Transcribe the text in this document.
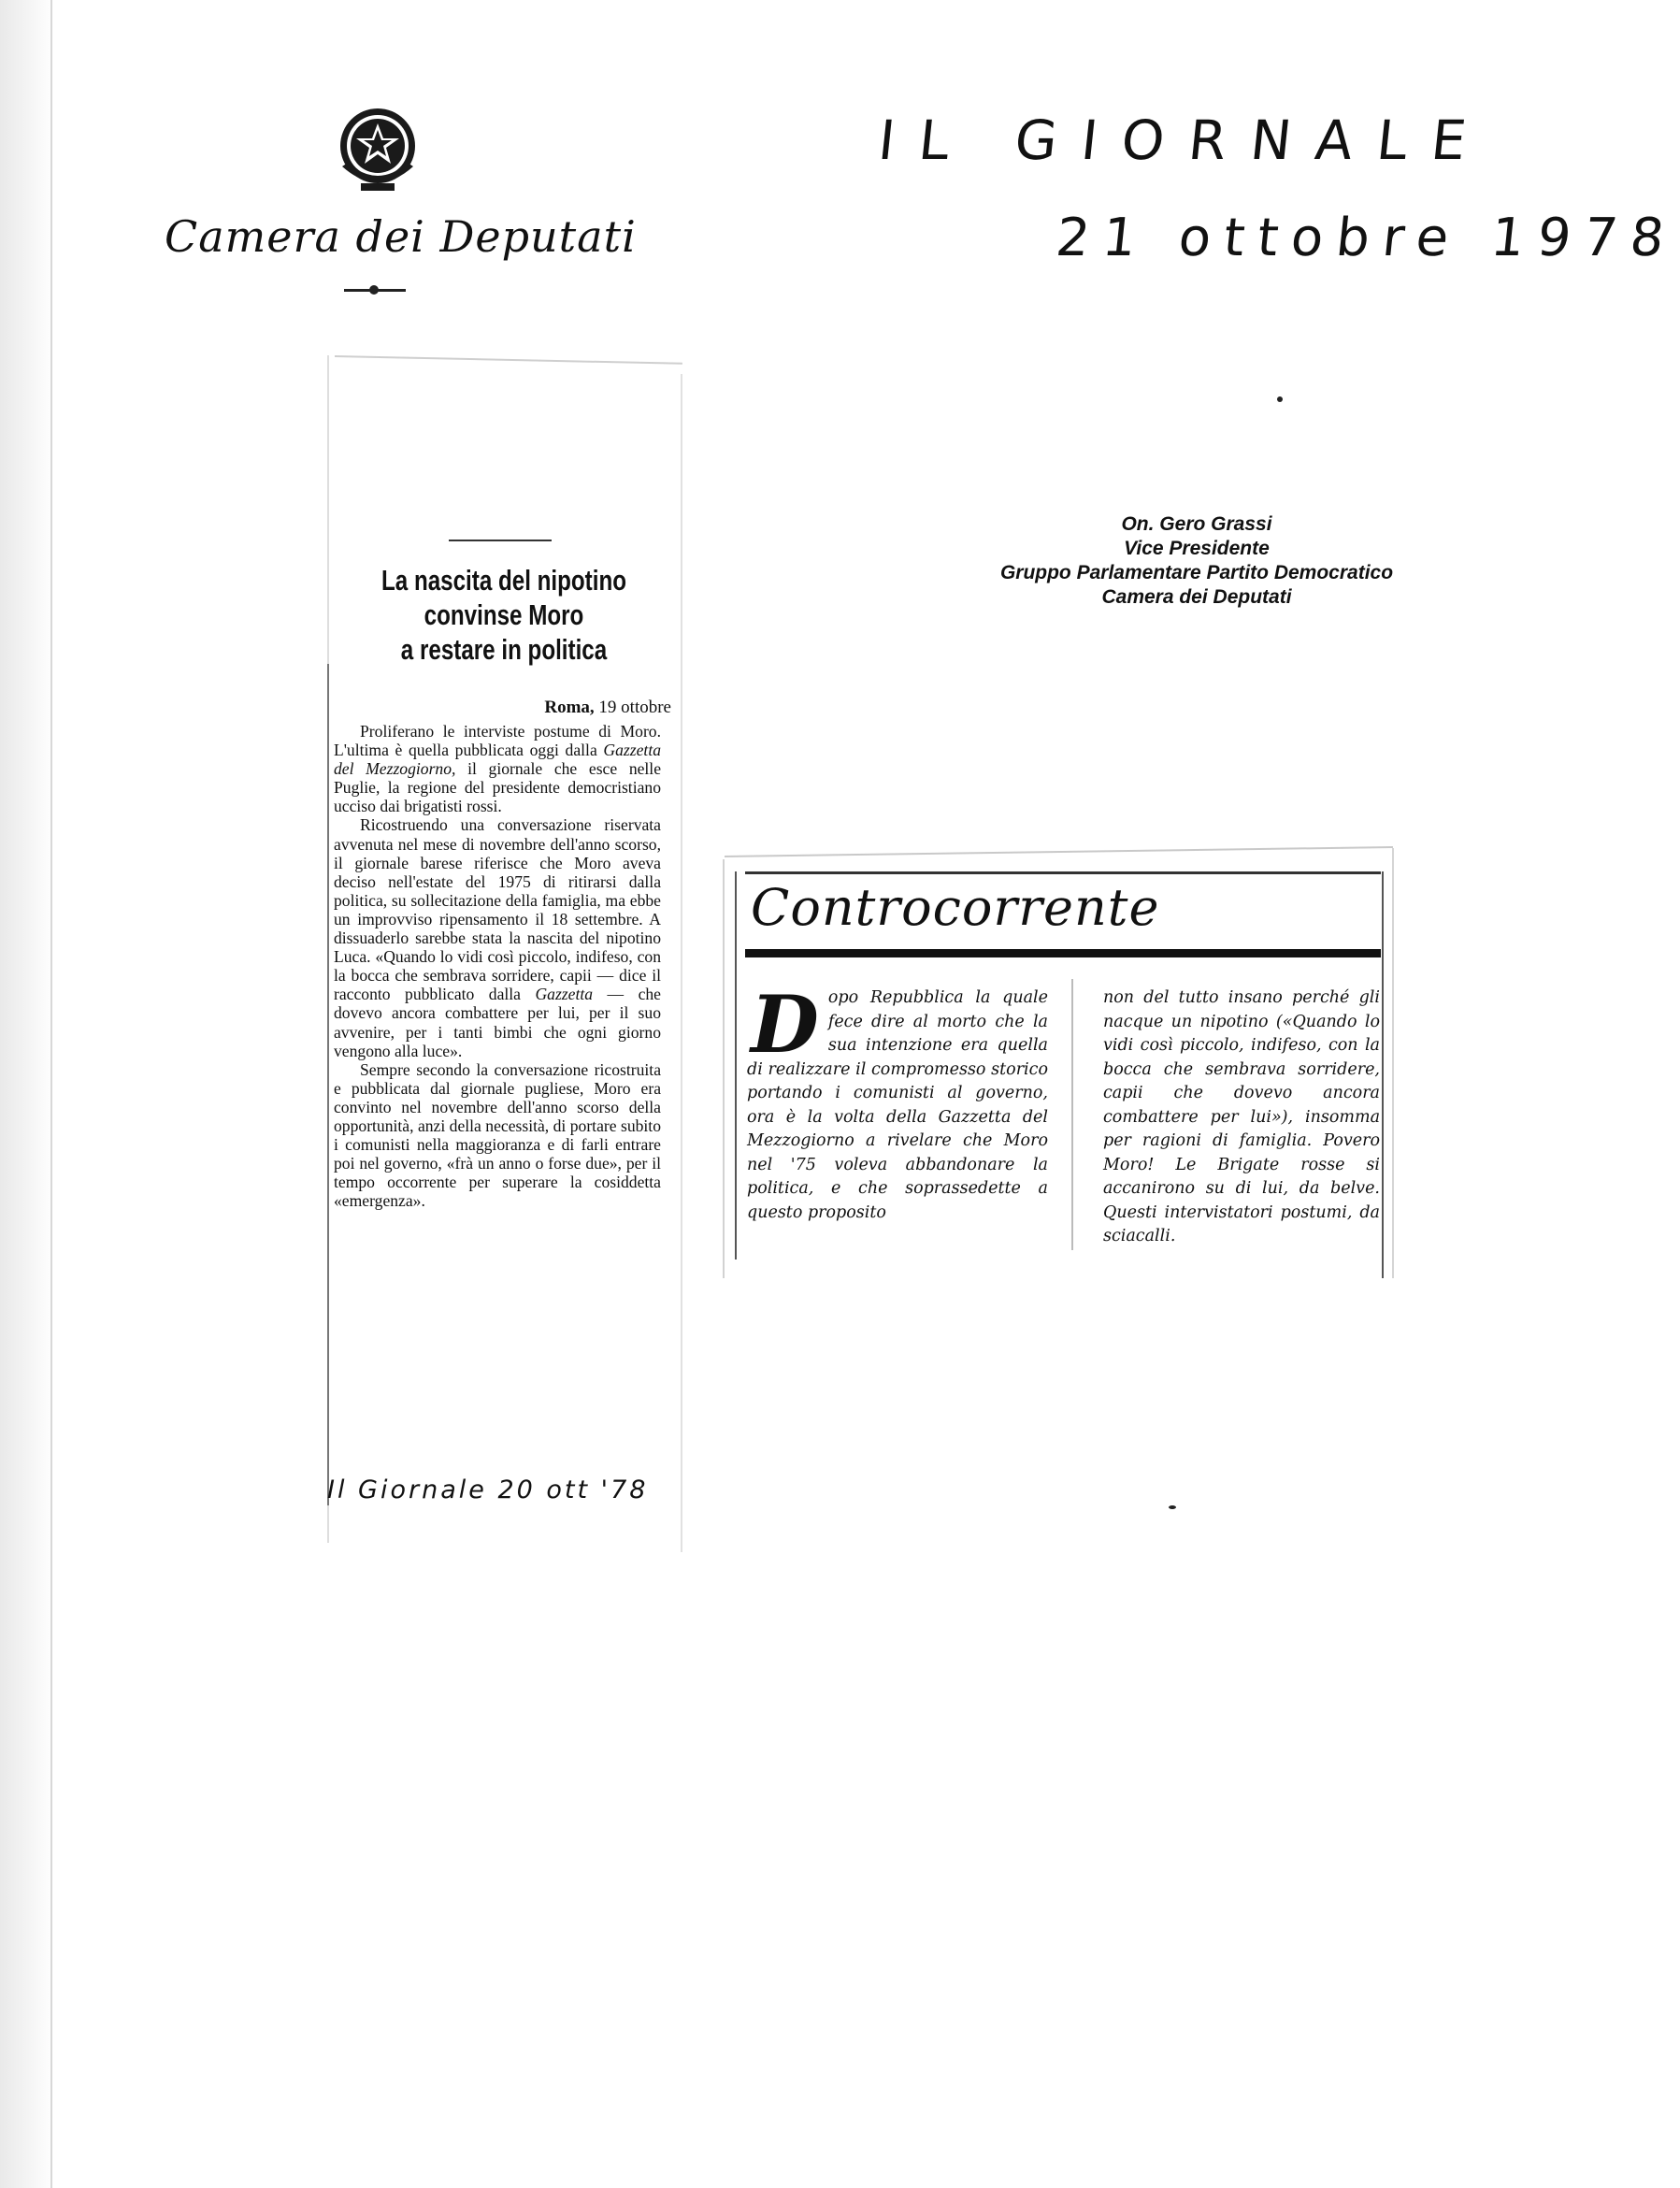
Camera dei Deputati
IL GIORNALE
21 ottobre 1978
On. Gero Grassi
Vice Presidente
Gruppo Parlamentare Partito Democratico
Camera dei Deputati
La nascita del nipotino
convinse Moro
a restare in politica
Roma, 19 ottobre

Proliferano le interviste postume di Moro. L'ultima è quella pubblicata oggi dalla Gazzetta del Mezzogiorno, il giornale che esce nelle Puglie, la regione del presidente democristiano ucciso dai brigatisti rossi.

Ricostruendo una conversazione riservata avvenuta nel mese di novembre dell'anno scorso, il giornale barese riferisce che Moro aveva deciso nell'estate del 1975 di ritirarsi dalla politica, su sollecitazione della famiglia, ma ebbe un improvviso ripensamento il 18 settembre. A dissuaderlo sarebbe stata la nascita del nipotino Luca. «Quando lo vidi così piccolo, indifeso, con la bocca che sembrava sorridere, capii — dice il racconto pubblicato dalla Gazzetta — che dovevo ancora combattere per lui, per il suo avvenire, per i tanti bimbi che ogni giorno vengono alla luce».

Sempre secondo la conversazione ricostruita e pubblicata dal giornale pugliese, Moro era convinto nel novembre dell'anno scorso della opportunità, anzi della necessità, di portare subito i comunisti nella maggioranza e di farli entrare poi nel governo, «frà un anno o forse due», per il tempo occorrente per superare la cosiddetta «emergenza».

Il Giornale 20 ott '78
Controcorrente

Dopo Repubblica la quale fece dire al morto che la sua intenzione era quella di realizzare il compromesso storico portando i comunisti al governo, ora è la volta della Gazzetta del Mezzogiorno a rivelare che Moro nel '75 voleva abbandonare la politica, e che soprassedette a questo proposito

non del tutto insano perché gli nacque un nipotino («Quando lo vidi così piccolo, indifeso, con la bocca che sembrava sorridere, capii che dovevo ancora combattere per lui»), insomma per ragioni di famiglia. Povero Moro! Le Brigate rosse si accanirono su di lui, da belve. Questi intervistatori postumi, da sciacalli.
